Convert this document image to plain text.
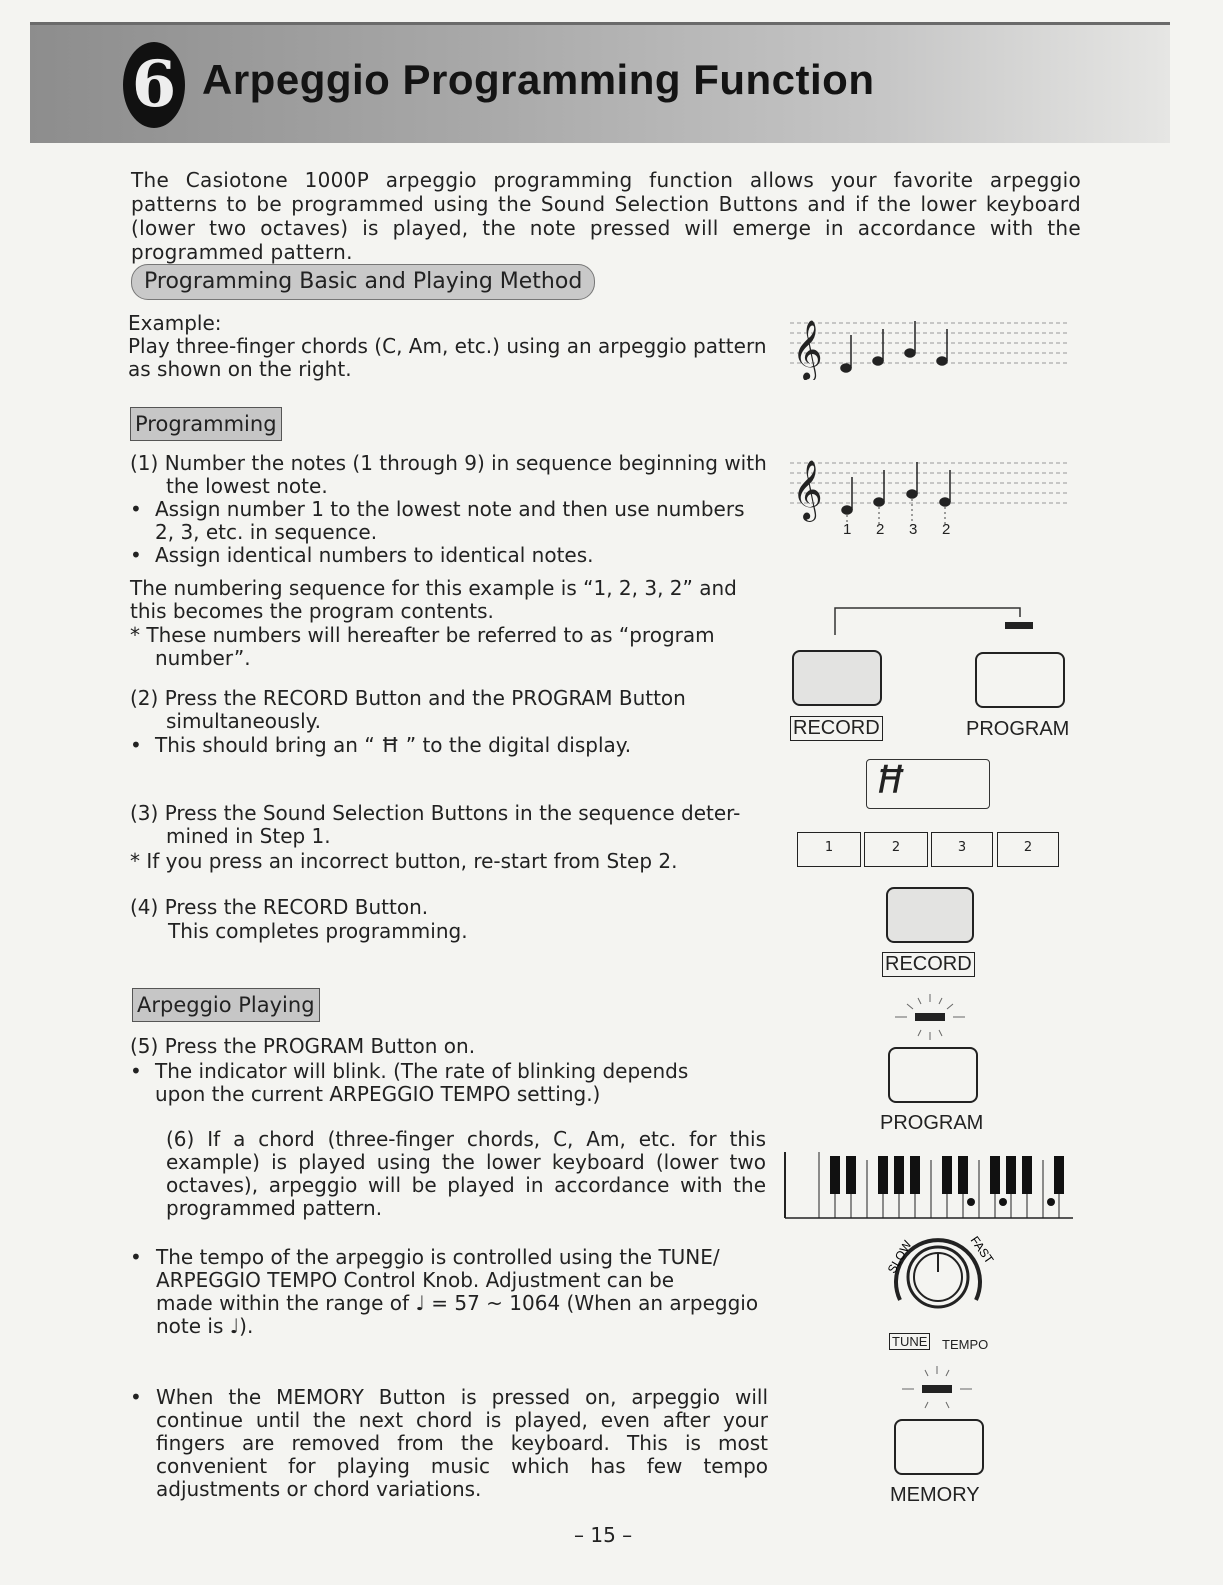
6 Arpeggio Programming Function
The Casiotone 1000P arpeggio programming function allows your favorite arpeggio patterns to be programmed using the Sound Selection Buttons and if the lower keyboard (lower two octaves) is played, the note pressed will emerge in accordance with the programmed pattern.
Programming Basic and Playing Method
Example:
Play three-finger chords (C, Am, etc.) using an arpeggio pattern
as shown on the right.	𝄞
Programming
(1) Number the notes (1 through 9) in sequence beginning with
the lowest note.
• Assign number 1 to the lowest note and then use numbers
2, 3, etc. in sequence.
• Assign identical numbers to identical notes.
The numbering sequence for this example is “1, 2, 3, 2” and
this becomes the program contents.
* These numbers will hereafter be referred to as “program
number”.
𝄞
1 2 3 2
(2) Press the RECORD Button and the PROGRAM Button
simultaneously.
• This should bring an “ Ħ ” to the digital display.
RECORD	PROGRAM
Ħ
(3) Press the Sound Selection Buttons in the sequence deter-
mined in Step 1.
* If you press an incorrect button, re-start from Step 2.
1	2	3	2
(4) Press the RECORD Button.
This completes programming.
RECORD
Arpeggio Playing
(5) Press the PROGRAM Button on.
• The indicator will blink. (The rate of blinking depends
upon the current ARPEGGIO TEMPO setting.)
(6) If a chord (three-finger chords, C, Am, etc. for this example) is played using the lower keyboard (lower two octaves), arpeggio will be played in accordance with the programmed pattern.
PROGRAM
• The tempo of the arpeggio is controlled using the TUNE/
ARPEGGIO TEMPO Control Knob. Adjustment can be
made within the range of ♩ = 57 ~ 1064 (When an arpeggio
note is ♩).
SLOW	FAST
TUNE TEMPO
• When the MEMORY Button is pressed on, arpeggio will continue until the next chord is played, even after your fingers are removed from the keyboard. This is most convenient for playing music which has few tempo adjustments or chord variations.	MEMORY
– 15 –
